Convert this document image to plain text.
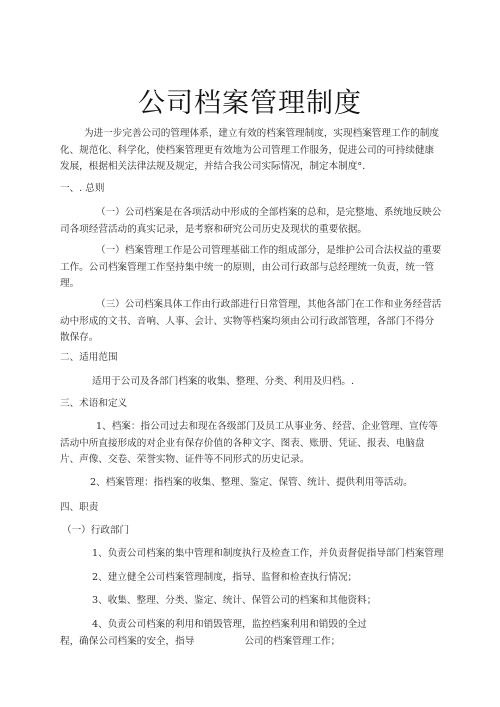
公司档案管理制度

为进一步完善公司的管理体系，建立有效的档案管理制度，实现档案管理工作的制度化、规范化、科学化，使档案管理更有效地为公司管理工作服务，促进公司的可持续健康发展，根据相关法律法规及规定，并结合我公司实际情况，制定本制度°．

一、. 总则

（一）公司档案是在各项活动中形成的全部档案的总和，是完整地、系统地反映公司各项经营活动的真实记录，是考察和研究公司历史及现状的重要依据。

（一）档案管理工作是公司管理基础工作的组成部分，是维护公司合法权益的重要工作。公司档案管理工作坚持集中统一的原则，由公司行政部与总经理统一负责，统一管理。

（三）公司档案具体工作由行政部进行日常管理，其他各部门在工作和业务经营活动中形成的文书、音响、人事、会计、实物等档案均须由公司行政部管理，各部门不得分散保存。

二、适用范围

适用于公司及各部门档案的收集、整理、分类、利用及归档。.

三、术语和定义

1、档案：指公司过去和现在各级部门及员工从事业务、经营、企业管理、宣传等活动中所直接形成的对企业有保存价值的各种文字、图表、账册、凭证、报表、电脑盘片、声像、交卷、荣誉实物、证件等不同形式的历史记录。

2、档案管理：指档案的收集、整理、鉴定、保管、统计、提供利用等活动。

四、职责

（一）行政部门

1、负责公司档案的集中管理和制度执行及检查工作，并负责督促指导部门档案管理

2、建立健全公司档案管理制度，指导、监督和检查执行情况；

3、收集、整理、分类、鉴定、统计、保管公司的档案和其他资料；

4、负责公司档案的利用和销毁管理，监控档案利用和销毁的全过

程，确保公司档案的安全，指导	公司的档案管理工作；
